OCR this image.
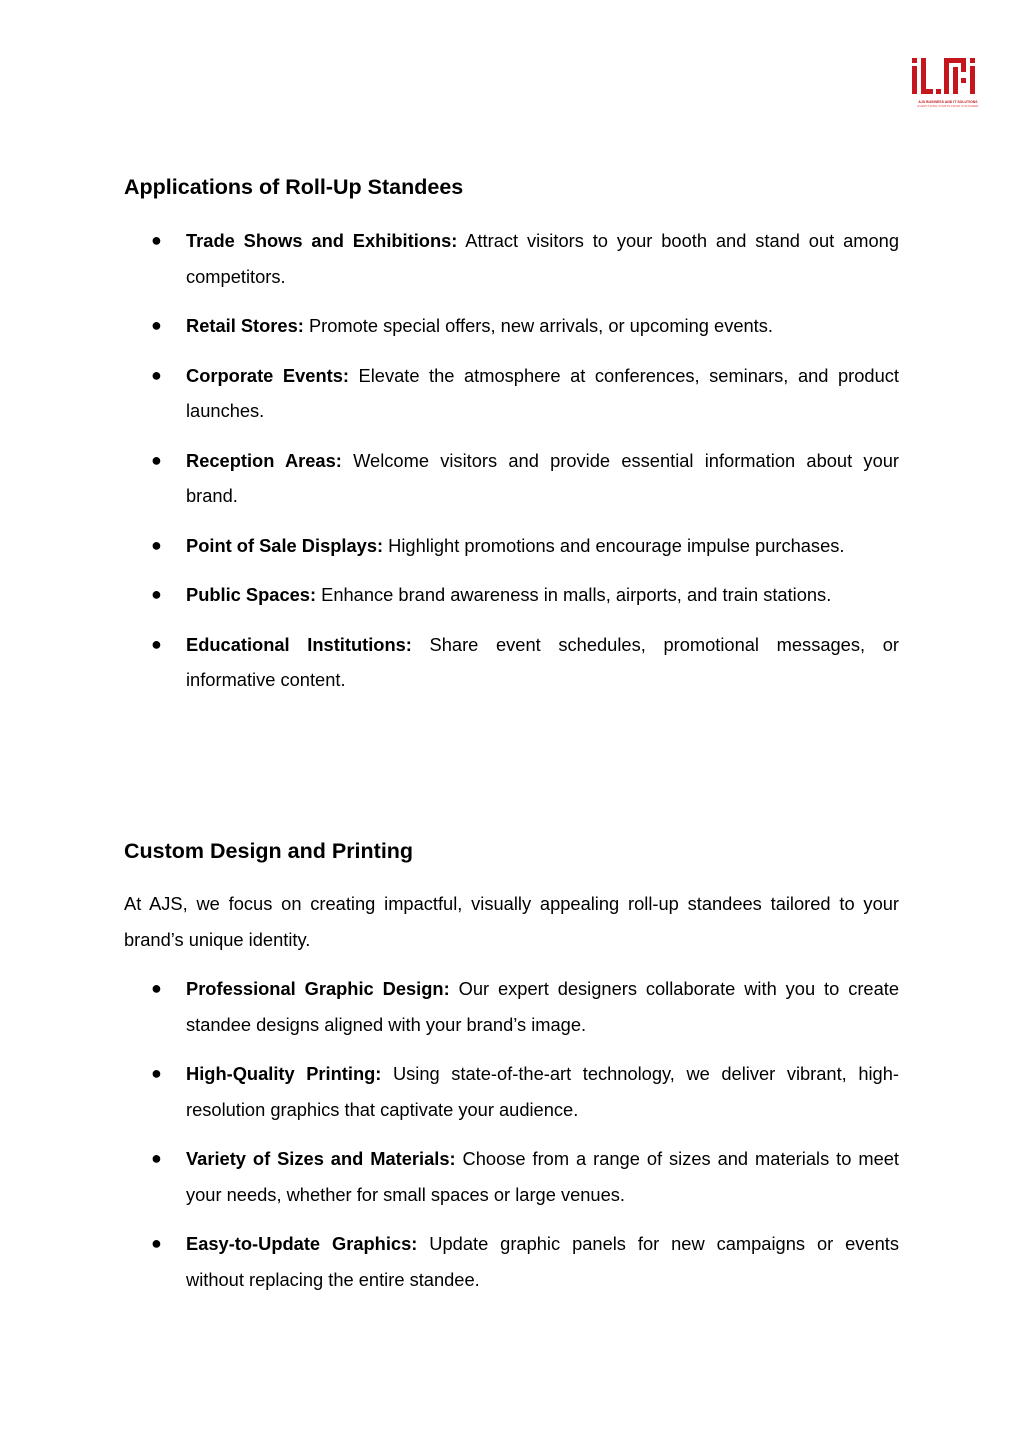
AJS BUSINESS AND IT SOLUTIONS
EVERYTHING STARTS FROM CUSTOMER
Applications of Roll-Up Standees
● Trade Shows and Exhibitions: Attract visitors to your booth and stand out among competitors.
● Retail Stores: Promote special offers, new arrivals, or upcoming events.
● Corporate Events: Elevate the atmosphere at conferences, seminars, and product launches.
● Reception Areas: Welcome visitors and provide essential information about your brand.
● Point of Sale Displays: Highlight promotions and encourage impulse purchases.
● Public Spaces: Enhance brand awareness in malls, airports, and train stations.
● Educational Institutions: Share event schedules, promotional messages, or informative content.
Custom Design and Printing

At AJS, we focus on creating impactful, visually appealing roll-up standees tailored to your brand’s unique identity.

● Professional Graphic Design: Our expert designers collaborate with you to create standee designs aligned with your brand’s image.
● High-Quality Printing: Using state-of-the-art technology, we deliver vibrant, high-resolution graphics that captivate your audience.
● Variety of Sizes and Materials: Choose from a range of sizes and materials to meet your needs, whether for small spaces or large venues.
● Easy-to-Update Graphics: Update graphic panels for new campaigns or events without replacing the entire standee.
